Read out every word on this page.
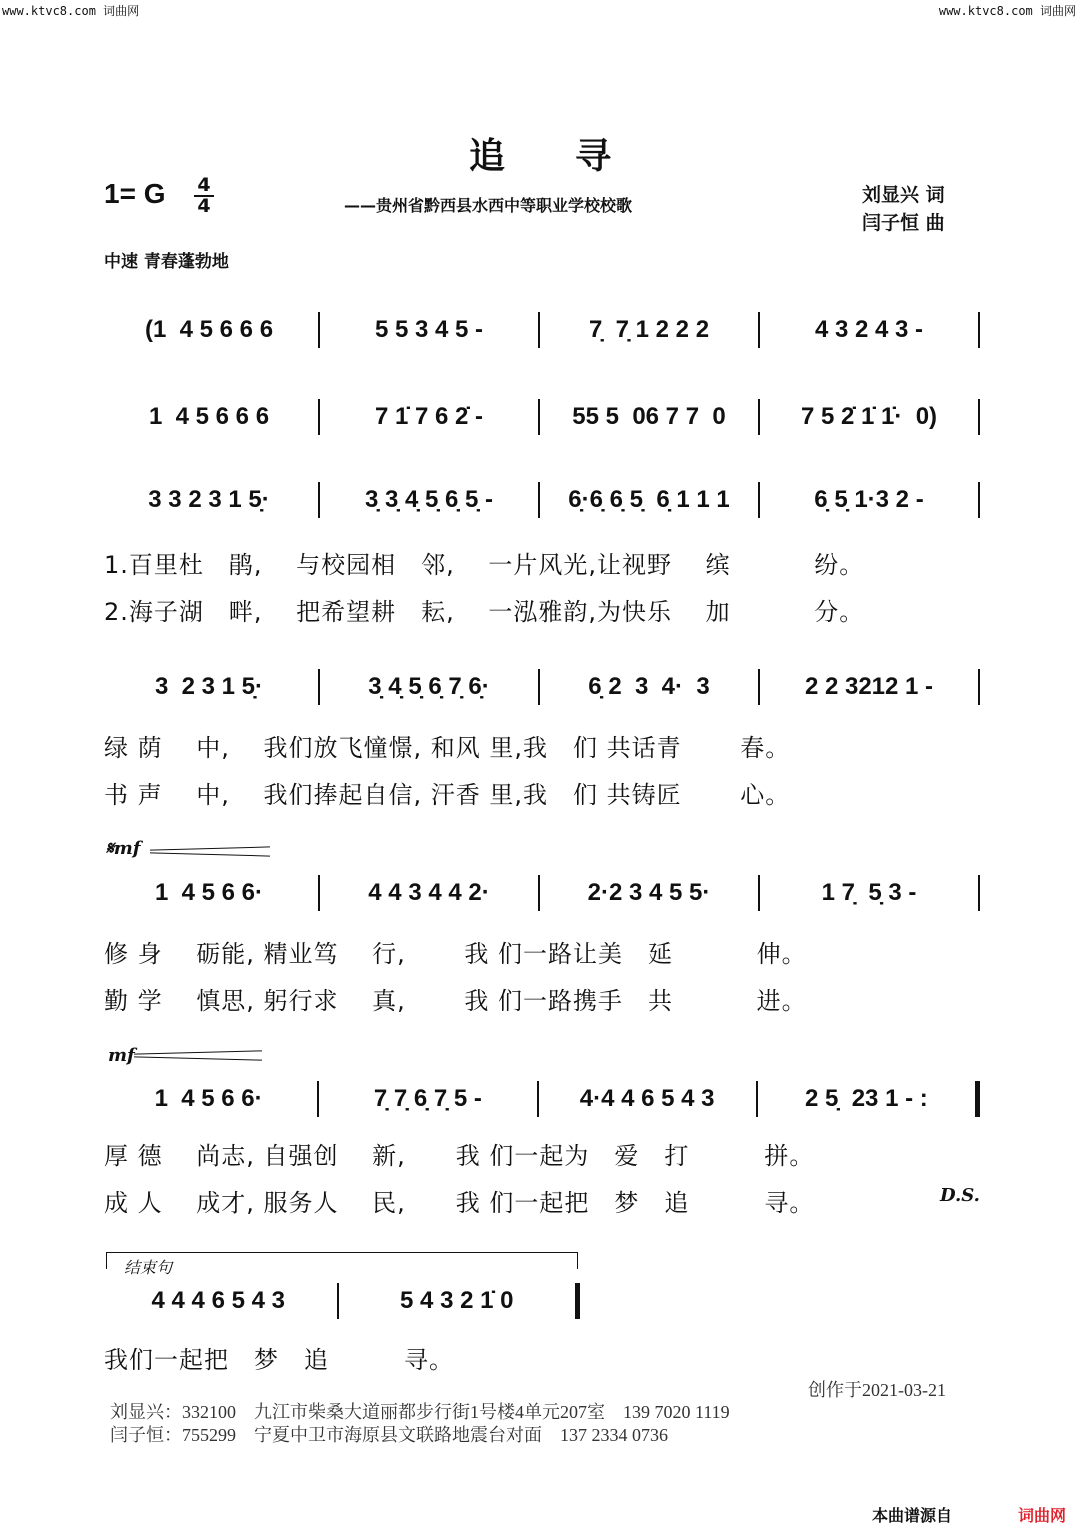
www.ktvc8.com 词曲网	www.ktvc8.com 词曲网
追寻
1= G $\frac{4}{4}$	——贵州省黔西县水西中等职业学校校歌	刘显兴 词
闫子恒 曲
中速 青春蓬勃地
(1  4 5 6 6 6	5 5 3 4 5 -	7̣  7̣ 1 2 2 2	4 3 2 4 3 -
1  4 5 6 6 6	7 1̇ 7 6 2̇ -	55 5  06 7 7  0	7 5 2̇ 1̇ 1̇·  0)
3 3 2 3 1 5̣·	3̣ 3̣ 4̣ 5̣ 6̣ 5̣ -	6̣·6̣ 6̣ 5̣  6̣ 1 1 1	6̣ 5̣ 1·3 2 -
1.百里杜　鹃,　 与校园相　邻,　 一片风光,让视野　 缤　　　 纷。
2.海子湖　畔,　 把希望耕　耘,　 一泓雅韵,为快乐　 加　　　 分。
3  2 3 1 5̣·	3̣ 4̣ 5̣ 6̣ 7̣ 6̣·	6̣ 2  3  4·  3	2 2 3212 1 -
绿 荫　 中,　 我们放飞憧憬, 和风 里,我　们 共话青　　 春。
书 声　 中,　 我们捧起自信, 汗香 里,我　们 共铸匠　　 心。
1  4 5 6 6·	4 4 3 4 4 2·	2·2 3 4 5 5·	1 7̣  5̣ 3 -
修 身　 砺能, 精业笃　 行,　　 我 们一路让美　延　　　 伸。
勤 学　 慎思, 躬行求　 真,　　 我 们一路携手　共　　　 进。
1  4 5 6 6·	7̣ 7̣ 6̣ 7̣ 5 -	4·4 4 6 5 4 3	2 5̣  23 1 - :
厚 德　 尚志, 自强创　 新,　　我 们一起为　爱　打　　　拼。
成 人　 成才, 服务人　 民,　　我 们一起把　梦　追　　　寻。
4 4 4 6 5 4 3	5 4 3 2 1̇ 0
我们一起把　梦　追　　　寻。
𝄋mf
mf
D.S.
结束句
创作于2021-03-21
刘显兴：332100　九江市柴桑大道丽都步行街1号楼4单元207室　139 7020 1119
闫子恒：755299　宁夏中卫市海原县文联路地震台对面　137 2334 0736
本曲谱源自	词曲网
